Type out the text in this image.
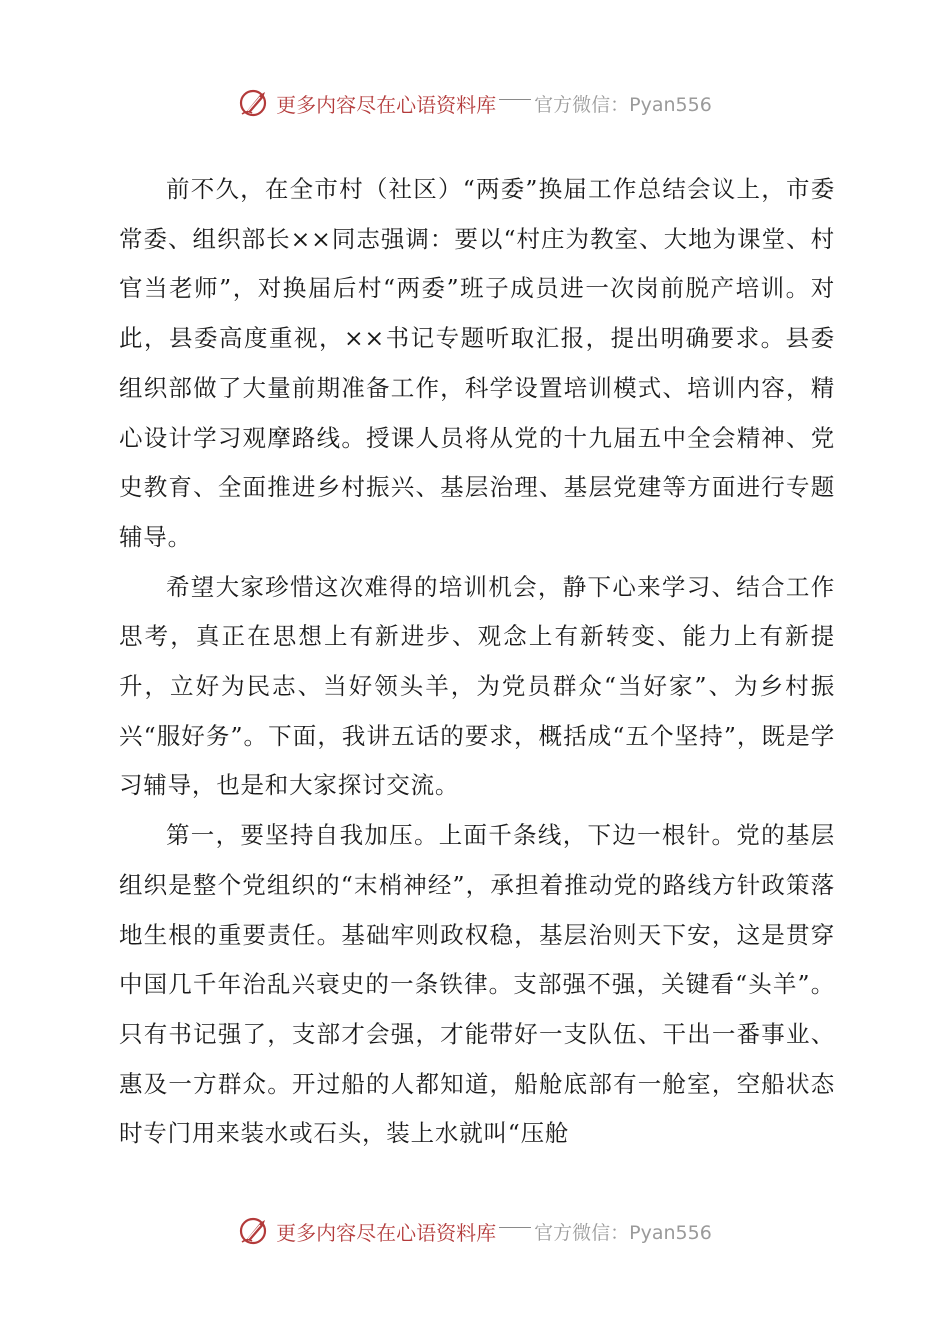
更多内容尽在心语资料库 官方微信：Pyan556

前不久，在全市村（社区）“两委”换届工作总结会议上，市委常委、组织部长××同志强调：要以“村庄为教室、大地为课堂、村官当老师”，对换届后村“两委”班子成员进一次岗前脱产培训。对此，县委高度重视，××书记专题听取汇报，提出明确要求。县委组织部做了大量前期准备工作，科学设置培训模式、培训内容，精心设计学习观摩路线。授课人员将从党的十九届五中全会精神、党史教育、全面推进乡村振兴、基层治理、基层党建等方面进行专题辅导。

希望大家珍惜这次难得的培训机会，静下心来学习、结合工作思考，真正在思想上有新进步、观念上有新转变、能力上有新提升，立好为民志、当好领头羊，为党员群众“当好家”、为乡村振兴“服好务”。下面，我讲五话的要求，概括成“五个坚持”，既是学习辅导，也是和大家探讨交流。

第一，要坚持自我加压。上面千条线，下边一根针。党的基层组织是整个党组织的“末梢神经”，承担着推动党的路线方针政策落地生根的重要责任。基础牢则政权稳，基层治则天下安，这是贯穿中国几千年治乱兴衰史的一条铁律。支部强不强，关键看“头羊”。只有书记强了，支部才会强，才能带好一支队伍、干出一番事业、惠及一方群众。开过船的人都知道，船舱底部有一舱室，空船状态时专门用来装水或石头，装上水就叫“压舱

更多内容尽在心语资料库 官方微信：Pyan556
